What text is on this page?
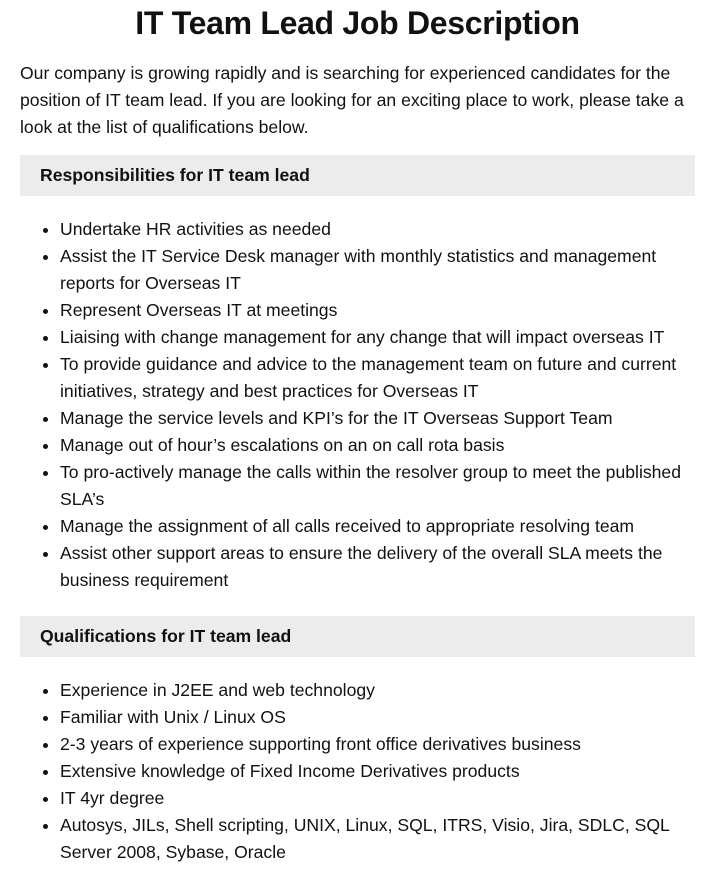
IT Team Lead Job Description

Our company is growing rapidly and is searching for experienced candidates for the position of IT team lead. If you are looking for an exciting place to work, please take a look at the list of qualifications below.

Responsibilities for IT team lead
• Undertake HR activities as needed
• Assist the IT Service Desk manager with monthly statistics and management reports for Overseas IT
• Represent Overseas IT at meetings
• Liaising with change management for any change that will impact overseas IT
• To provide guidance and advice to the management team on future and current initiatives, strategy and best practices for Overseas IT
• Manage the service levels and KPI’s for the IT Overseas Support Team
• Manage out of hour’s escalations on an on call rota basis
• To pro-actively manage the calls within the resolver group to meet the published SLA’s
• Manage the assignment of all calls received to appropriate resolving team
• Assist other support areas to ensure the delivery of the overall SLA meets the business requirement
Qualifications for IT team lead
• Experience in J2EE and web technology
• Familiar with Unix / Linux OS
• 2-3 years of experience supporting front office derivatives business
• Extensive knowledge of Fixed Income Derivatives products
• IT 4yr degree
• Autosys, JILs, Shell scripting, UNIX, Linux, SQL, ITRS, Visio, Jira, SDLC, SQL Server 2008, Sybase, Oracle
